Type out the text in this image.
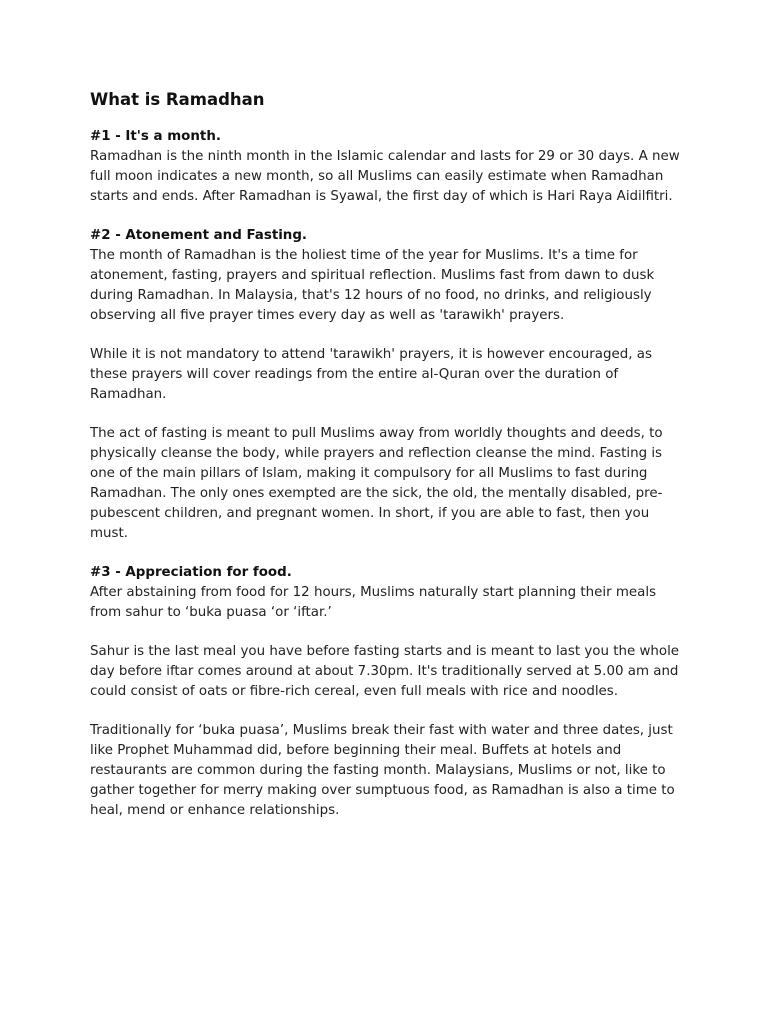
What is Ramadhan

#1 - It's a month.

Ramadhan is the ninth month in the Islamic calendar and lasts for 29 or 30 days. A new full moon indicates a new month, so all Muslims can easily estimate when Ramadhan starts and ends. After Ramadhan is Syawal, the first day of which is Hari Raya Aidilfitri.

#2 - Atonement and Fasting.

The month of Ramadhan is the holiest time of the year for Muslims. It's a time for atonement, fasting, prayers and spiritual reflection. Muslims fast from dawn to dusk during Ramadhan. In Malaysia, that's 12 hours of no food, no drinks, and religiously observing all five prayer times every day as well as 'tarawikh' prayers.

While it is not mandatory to attend 'tarawikh' prayers, it is however encouraged, as these prayers will cover readings from the entire al-Quran over the duration of Ramadhan.

The act of fasting is meant to pull Muslims away from worldly thoughts and deeds, to physically cleanse the body, while prayers and reflection cleanse the mind. Fasting is one of the main pillars of Islam, making it compulsory for all Muslims to fast during Ramadhan. The only ones exempted are the sick, the old, the mentally disabled, pre-pubescent children, and pregnant women. In short, if you are able to fast, then you must.

#3 - Appreciation for food.

After abstaining from food for 12 hours, Muslims naturally start planning their meals from sahur to ‘buka puasa ‘or ‘iftar.’

Sahur is the last meal you have before fasting starts and is meant to last you the whole day before iftar comes around at about 7.30pm. It's traditionally served at 5.00 am and could consist of oats or fibre-rich cereal, even full meals with rice and noodles.

Traditionally for ‘buka puasa’, Muslims break their fast with water and three dates, just like Prophet Muhammad did, before beginning their meal. Buffets at hotels and restaurants are common during the fasting month. Malaysians, Muslims or not, like to gather together for merry making over sumptuous food, as Ramadhan is also a time to heal, mend or enhance relationships.
